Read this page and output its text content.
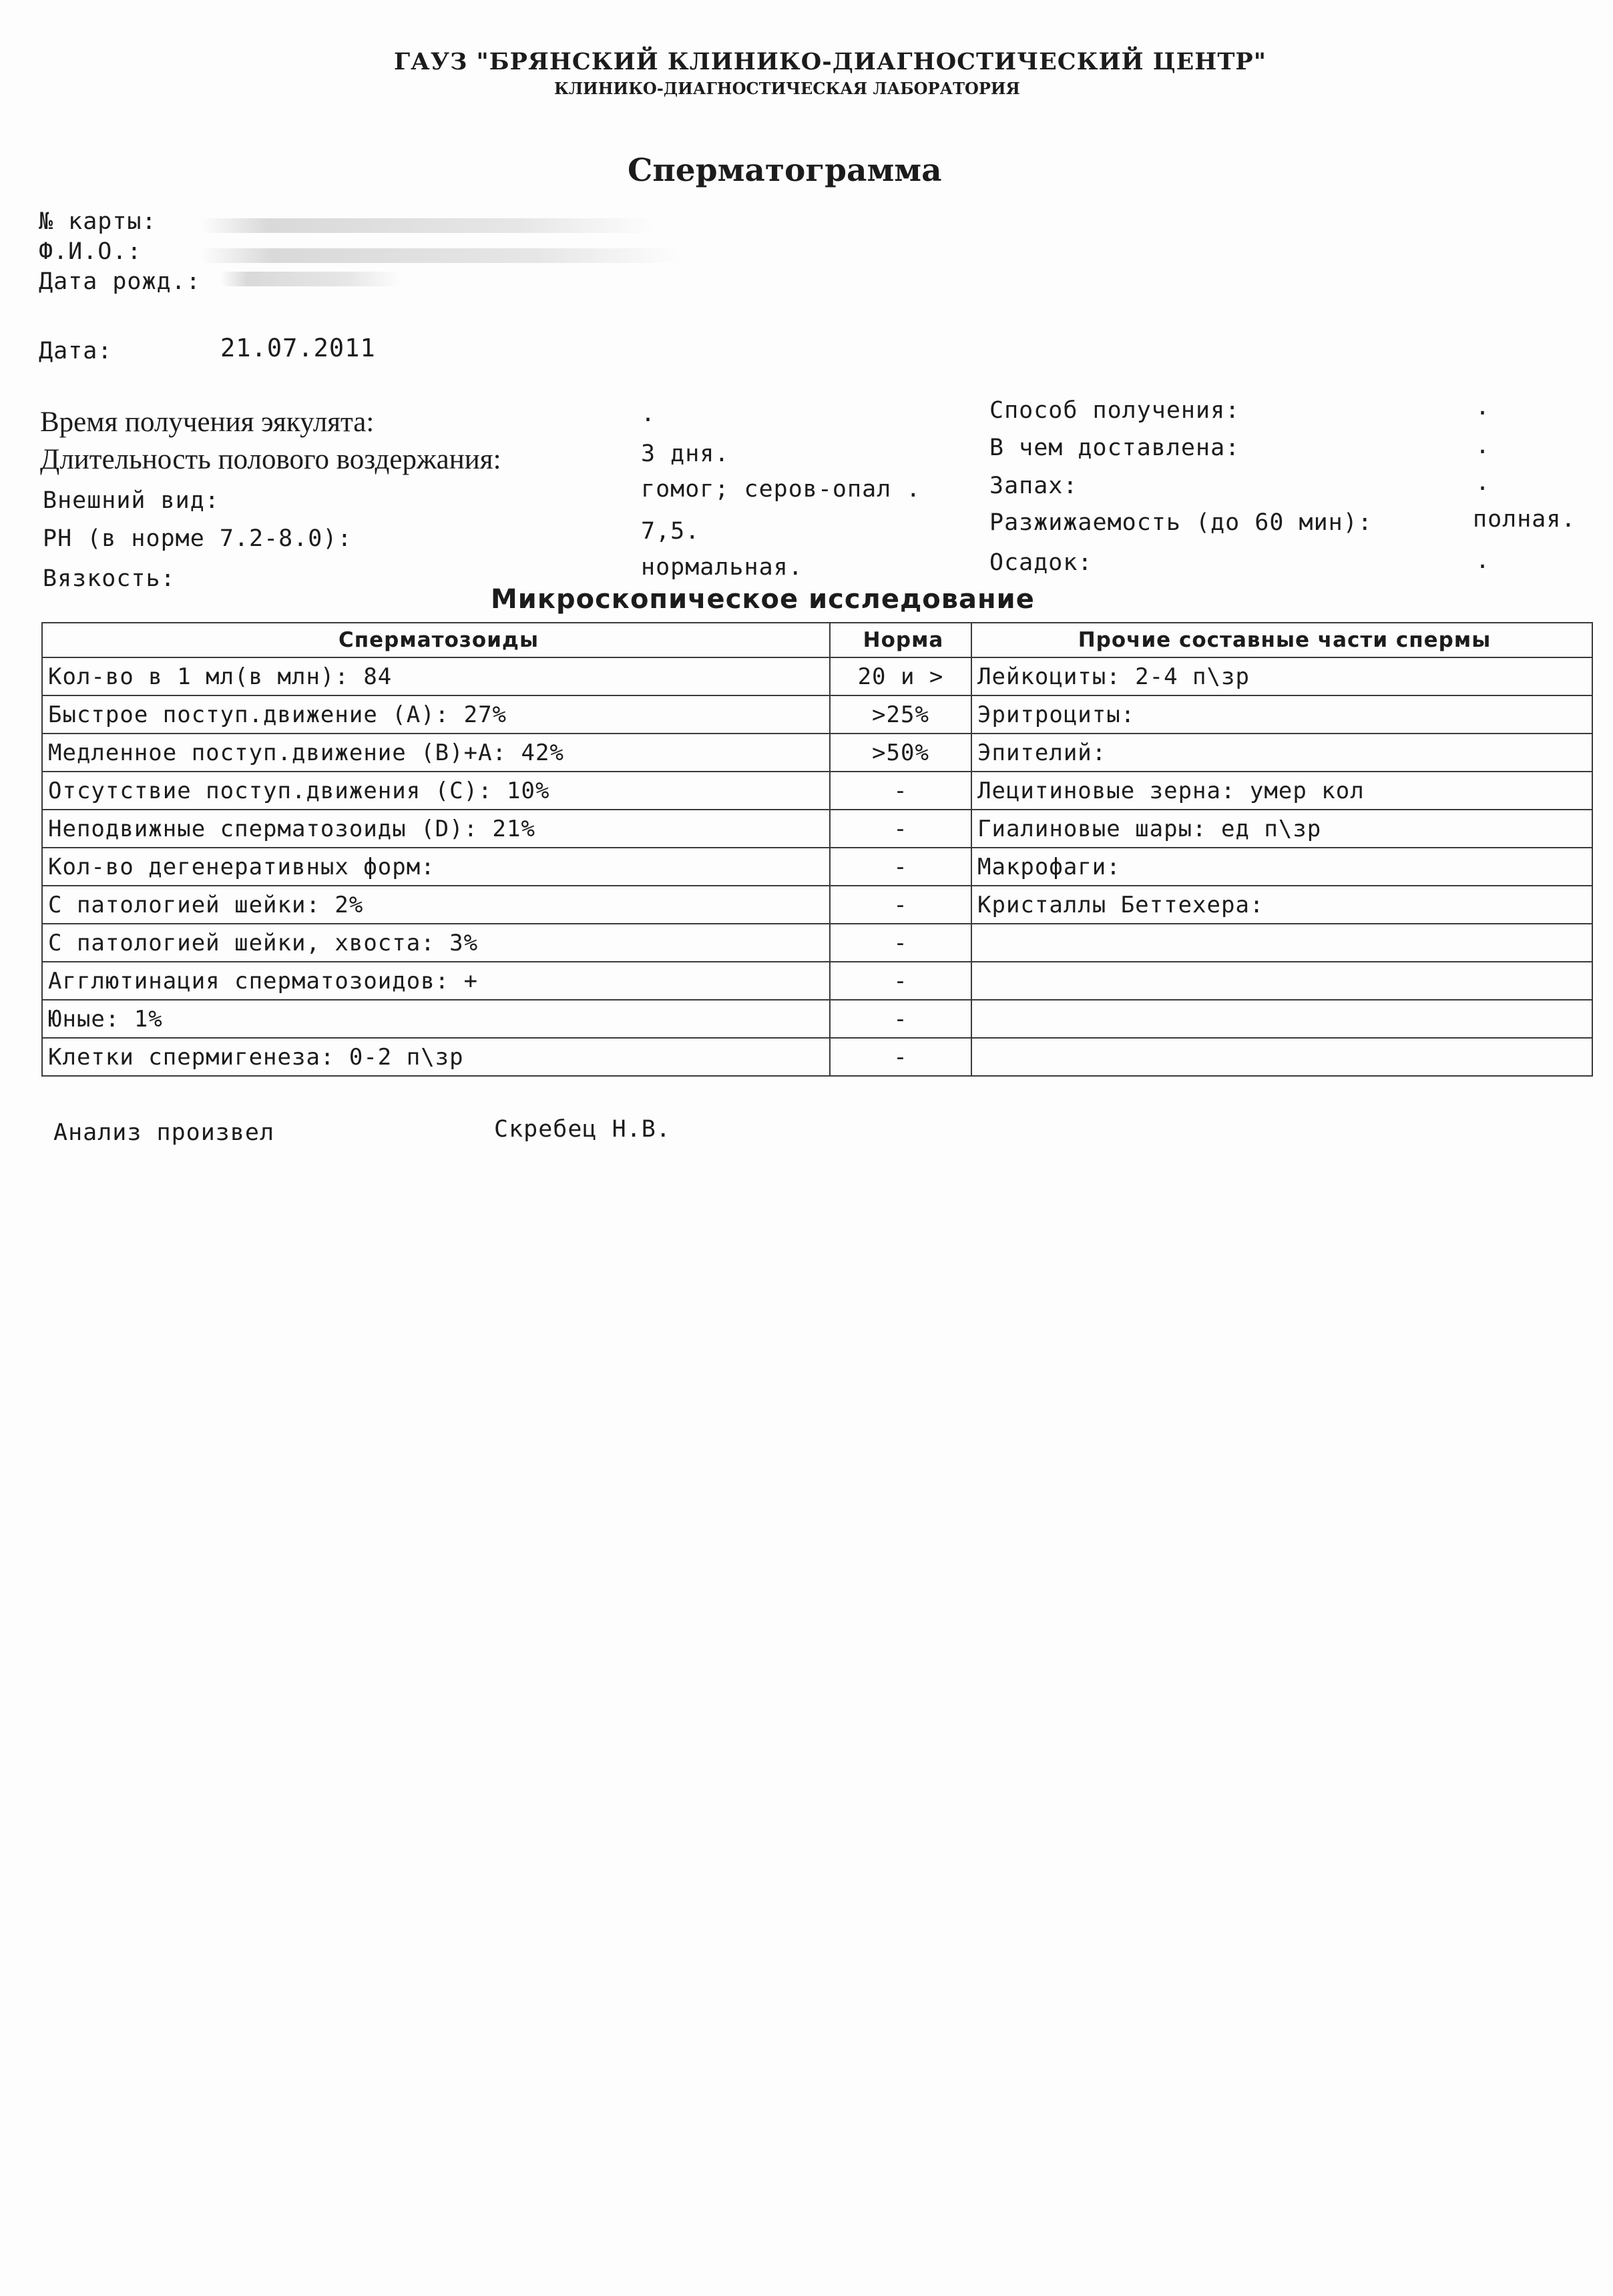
ГАУЗ "БРЯНСКИЙ КЛИНИКО-ДИАГНОСТИЧЕСКИЙ ЦЕНТР"
КЛИНИКО-ДИАГНОСТИЧЕСКАЯ ЛАБОРАТОРИЯ
Спермaтогрaммa
№ карты:
Ф.И.О.:
Дата рожд.:
Дата:	21.07.2011
Время получения эякулята:	.
Длительность полового воздержания:	3 дня.
Внешний вид:	гомог; серов-опал .
PH (в норме 7.2-8.0):	7,5.
Вязкость:	нормальная.
Способ получения:	.
В чем доставлена:	.
Запах:	.
Разжижаемость (до 60 мин):	полная.
Осадок:	.
Микроскопическое исследование
Сперматозоиды	Норма	Прочие составные части спермы
Кол-во в 1 мл(в млн): 84	20 и >	Лейкоциты: 2-4 п\зр
Быстрое поступ.движение (A): 27%	>25%	Эритроциты:
Медленное поступ.движение (B)+A: 42%	>50%	Эпителий:
Отсутствие поступ.движения (C): 10%	-	Лецитиновые зерна: умер кол
Неподвижные сперматозоиды (D): 21%	-	Гиалиновые шары: ед п\зр
Кол-во дегенеративных форм:	-	Макрофаги:
С патологией шейки: 2%	-	Кристаллы Беттехера:
С патологией шейки, хвоста: 3%	-	
Агглютинация сперматозоидов: +	-	
Юные: 1%	-	
Клетки спермигенеза: 0-2 п\зр	-	
Анализ произвел	Скребец Н.В.
